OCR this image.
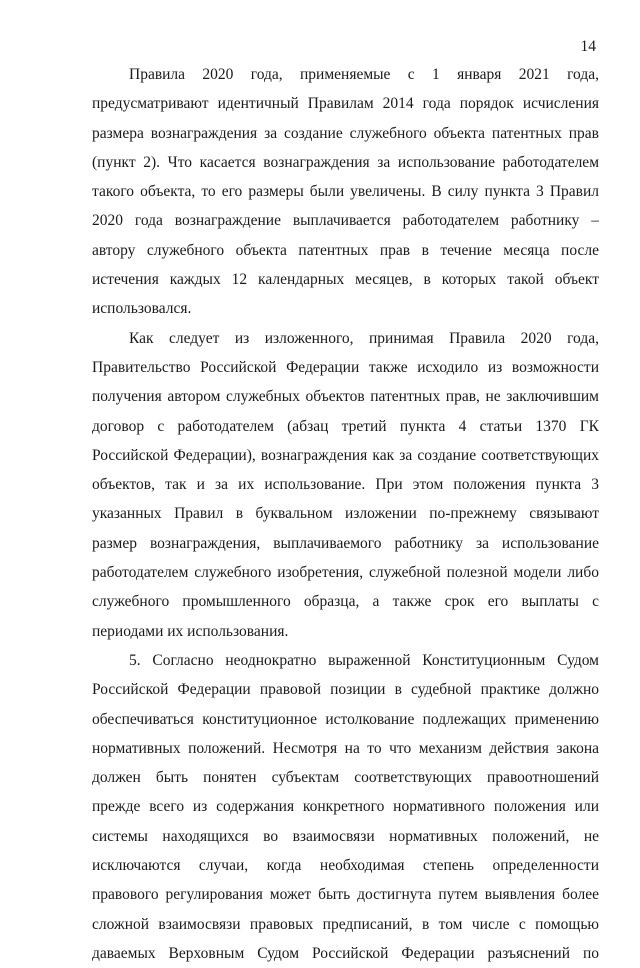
14

Правила 2020 года, применяемые с 1 января 2021 года,
предусматривают идентичный Правилам 2014 года порядок исчисления
размера вознаграждения за создание служебного объекта патентных прав
(пункт 2). Что касается вознаграждения за использование работодателем
такого объекта, то его размеры были увеличены. В силу пункта 3 Правил
2020 года вознаграждение выплачивается работодателем работнику –
автору служебного объекта патентных прав в течение месяца после
истечения каждых 12 календарных месяцев, в которых такой объект
использовался.

Как следует из изложенного, принимая Правила 2020 года,
Правительство Российской Федерации также исходило из возможности
получения автором служебных объектов патентных прав, не заключившим
договор с работодателем (абзац третий пункта 4 статьи 1370 ГК
Российской Федерации), вознаграждения как за создание соответствующих
объектов, так и за их использование. При этом положения пункта 3
указанных Правил в буквальном изложении по-прежнему связывают
размер вознаграждения, выплачиваемого работнику за использование
работодателем служебного изобретения, служебной полезной модели либо
служебного промышленного образца, а также срок его выплаты с
периодами их использования.

5. Согласно неоднократно выраженной Конституционным Судом
Российской Федерации правовой позиции в судебной практике должно
обеспечиваться конституционное истолкование подлежащих применению
нормативных положений. Несмотря на то что механизм действия закона
должен быть понятен субъектам соответствующих правоотношений
прежде всего из содержания конкретного нормативного положения или
системы находящихся во взаимосвязи нормативных положений, не
исключаются случаи, когда необходимая степень определенности
правового регулирования может быть достигнута путем выявления более
сложной взаимосвязи правовых предписаний, в том числе с помощью
даваемых Верховным Судом Российской Федерации разъяснений по
